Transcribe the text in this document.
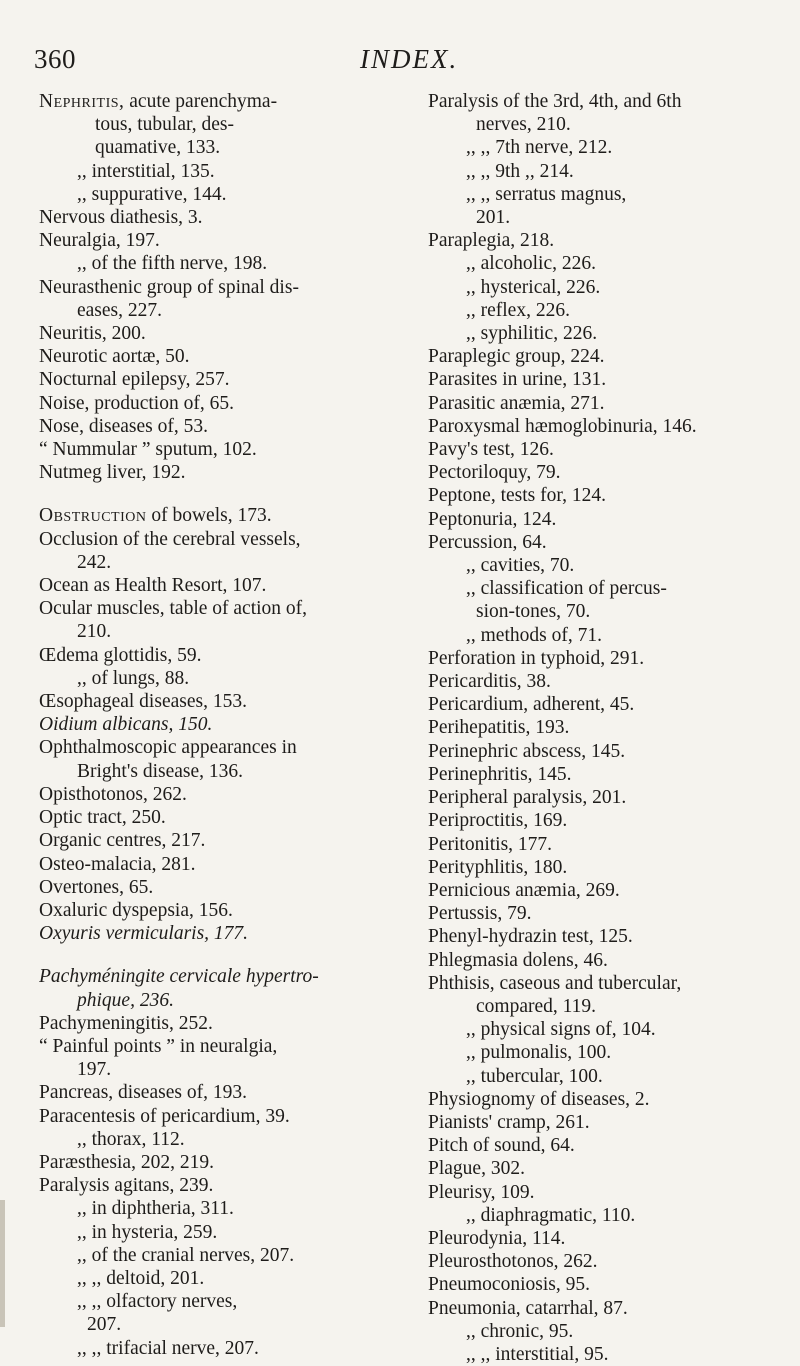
360	INDEX.
Nephritis, acute parenchyma-
tous, tubular, des-
quamative, 133.
,, interstitial, 135.
,, suppurative, 144.
Nervous diathesis, 3.
Neuralgia, 197.
,, of the fifth nerve, 198.
Neurasthenic group of spinal dis-
eases, 227.
Neuritis, 200.
Neurotic aortæ, 50.
Nocturnal epilepsy, 257.
Noise, production of, 65.
Nose, diseases of, 53.
“ Nummular ” sputum, 102.
Nutmeg liver, 192.
Obstruction of bowels, 173.
Occlusion of the cerebral vessels,
242.
Ocean as Health Resort, 107.
Ocular muscles, table of action of,
210.
Œdema glottidis, 59.
,, of lungs, 88.
Œsophageal diseases, 153.
Oidium albicans, 150.
Ophthalmoscopic appearances in
Bright's disease, 136.
Opisthotonos, 262.
Optic tract, 250.
Organic centres, 217.
Osteo-malacia, 281.
Overtones, 65.
Oxaluric dyspepsia, 156.
Oxyuris vermicularis, 177.
Pachyméningite cervicale hypertro-
phique, 236.
Pachymeningitis, 252.
“ Painful points ” in neuralgia,
197.
Pancreas, diseases of, 193.
Paracentesis of pericardium, 39.
,, thorax, 112.
Paræsthesia, 202, 219.
Paralysis agitans, 239.
,, in diphtheria, 311.
,, in hysteria, 259.
,, of the cranial nerves, 207.
,, ,, deltoid, 201.
,, ,, olfactory nerves,
207.
,, ,, trifacial nerve, 207.
Paralysis of the 3rd, 4th, and 6th
nerves, 210.
,, ,, 7th nerve, 212.
,, ,, 9th ,, 214.
,, ,, serratus magnus,
201.
Paraplegia, 218.
,, alcoholic, 226.
,, hysterical, 226.
,, reflex, 226.
,, syphilitic, 226.
Paraplegic group, 224.
Parasites in urine, 131.
Parasitic anæmia, 271.
Paroxysmal hæmoglobinuria, 146.
Pavy's test, 126.
Pectoriloquy, 79.
Peptone, tests for, 124.
Peptonuria, 124.
Percussion, 64.
,, cavities, 70.
,, classification of percus-
sion-tones, 70.
,, methods of, 71.
Perforation in typhoid, 291.
Pericarditis, 38.
Pericardium, adherent, 45.
Perihepatitis, 193.
Perinephric abscess, 145.
Perinephritis, 145.
Peripheral paralysis, 201.
Periproctitis, 169.
Peritonitis, 177.
Perityphlitis, 180.
Pernicious anæmia, 269.
Pertussis, 79.
Phenyl-hydrazin test, 125.
Phlegmasia dolens, 46.
Phthisis, caseous and tubercular,
compared, 119.
,, physical signs of, 104.
,, pulmonalis, 100.
,, tubercular, 100.
Physiognomy of diseases, 2.
Pianists' cramp, 261.
Pitch of sound, 64.
Plague, 302.
Pleurisy, 109.
,, diaphragmatic, 110.
Pleurodynia, 114.
Pleurosthotonos, 262.
Pneumoconiosis, 95.
Pneumonia, catarrhal, 87.
,, chronic, 95.
,, ,, interstitial, 95.
